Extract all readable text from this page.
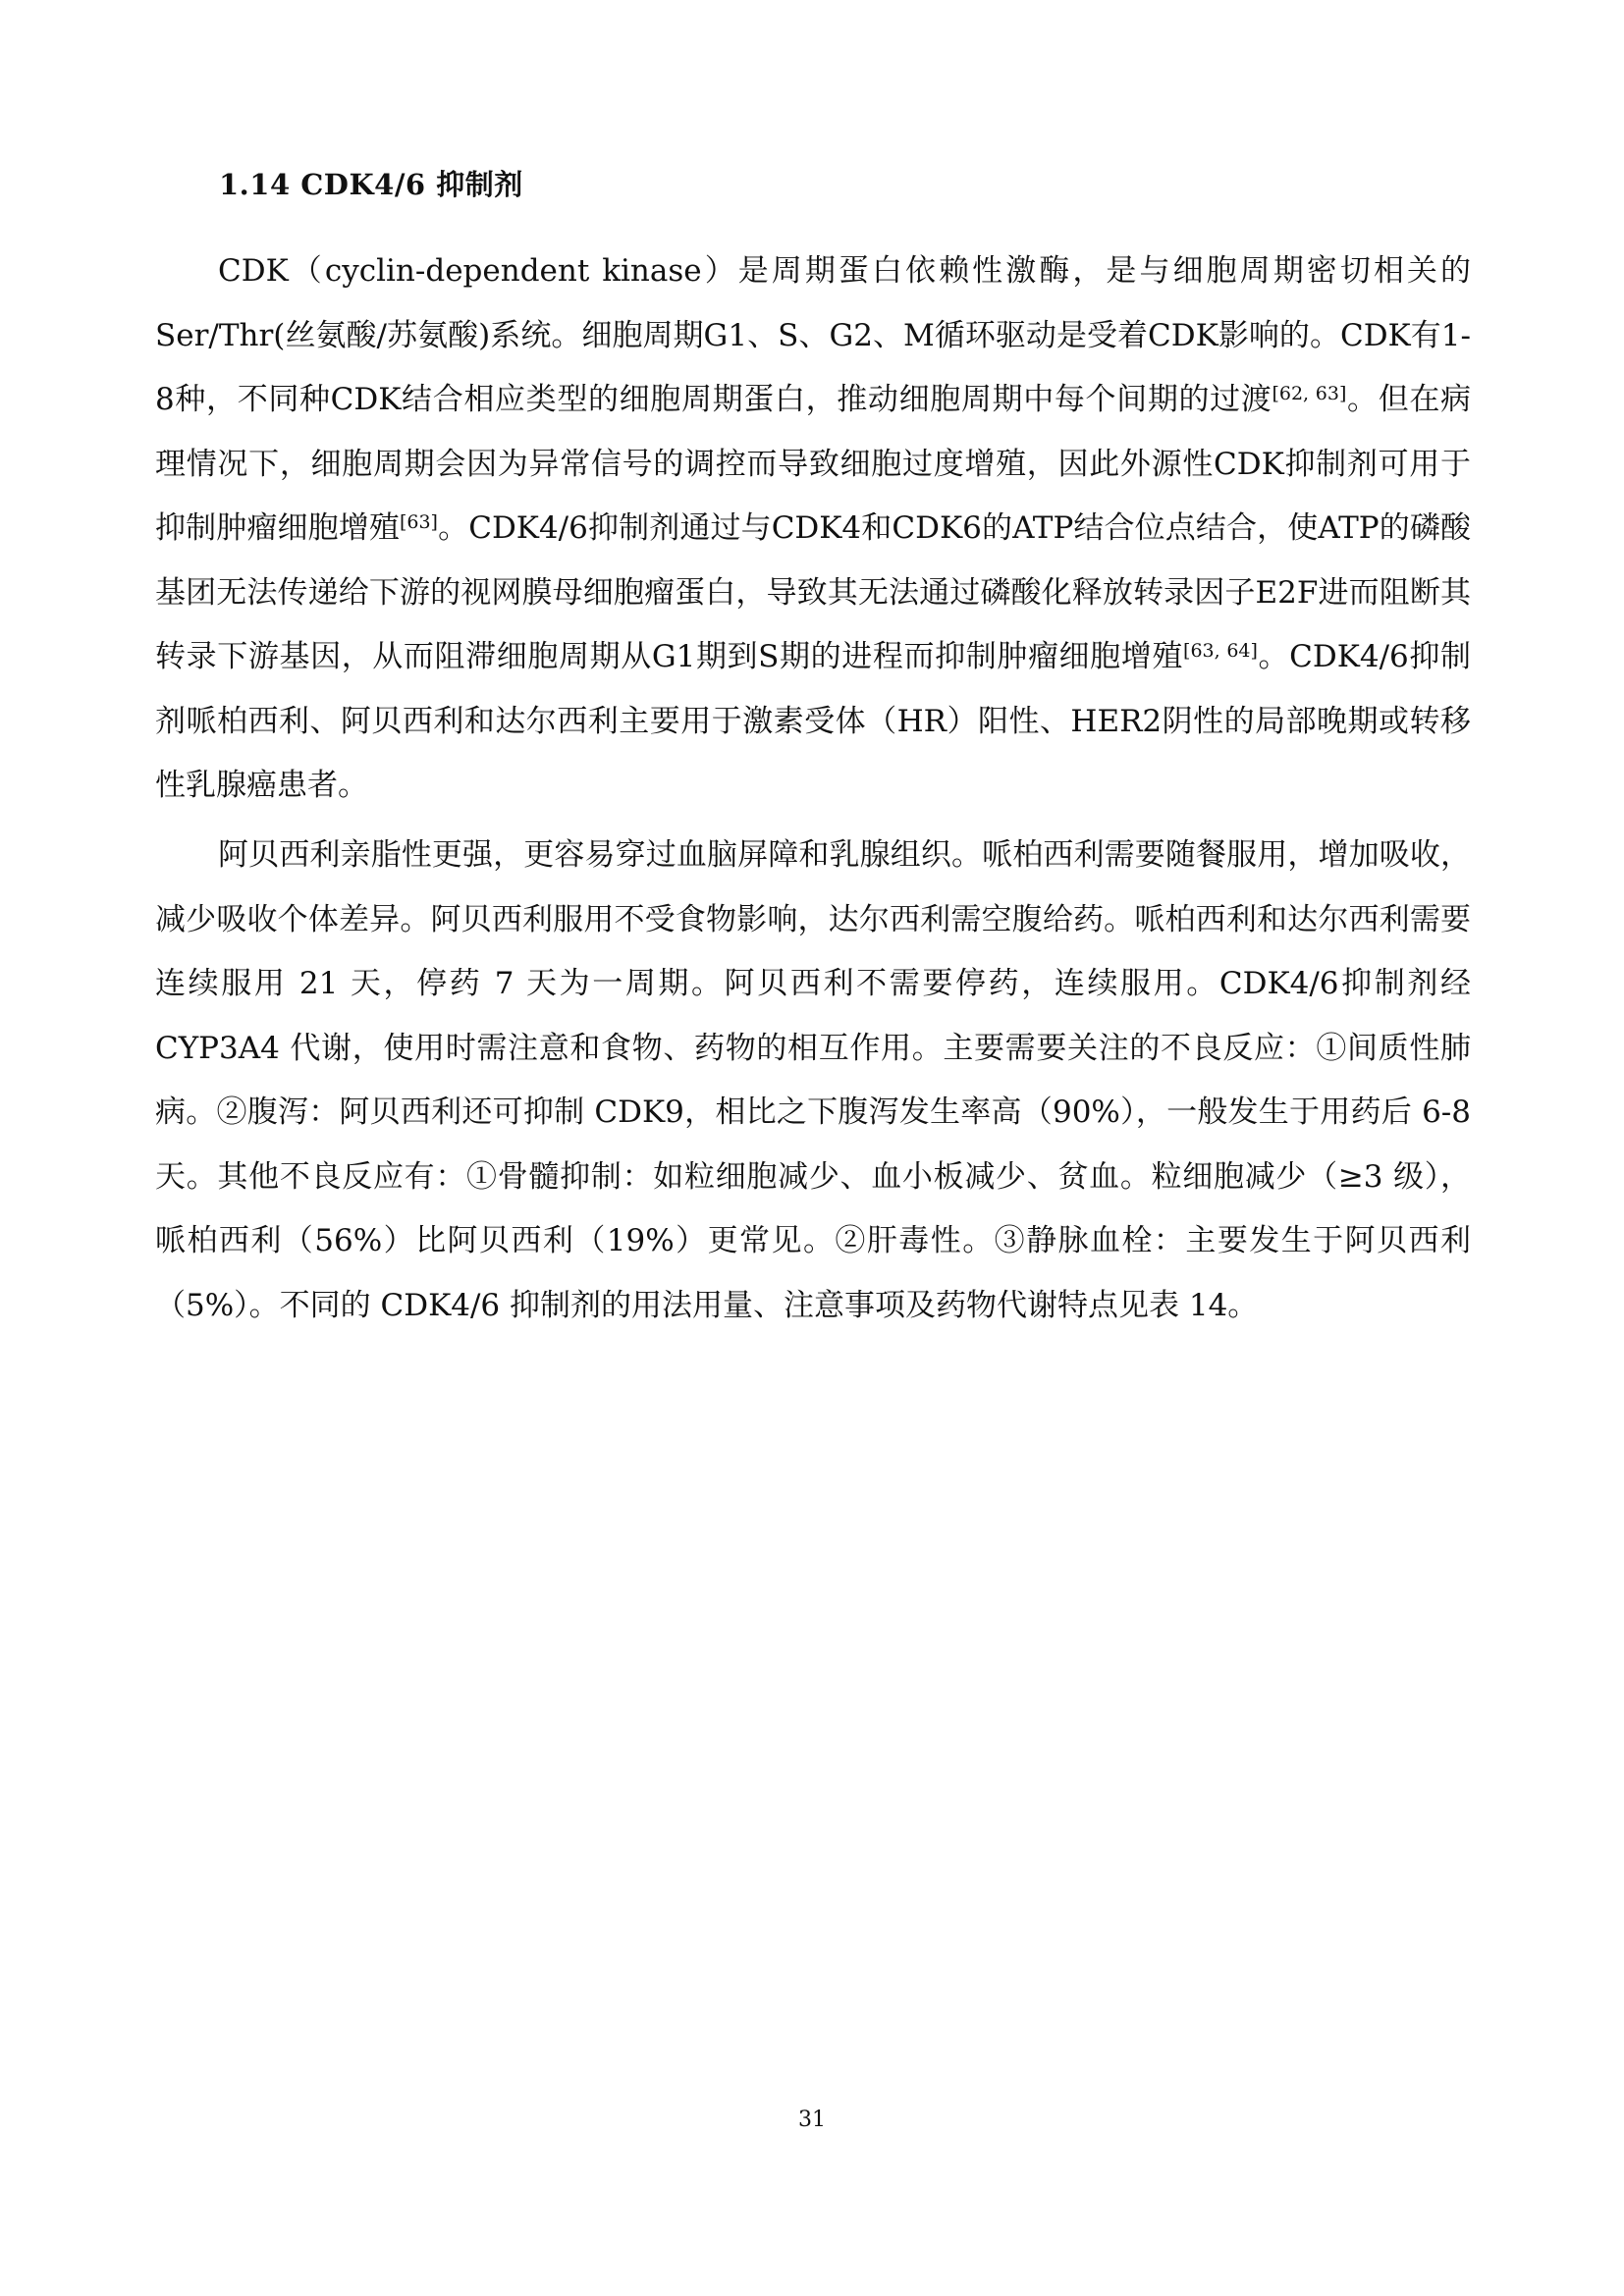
1.14 CDK4/6 抑制剂

CDK（cyclin-dependent kinase）是周期蛋白依赖性激酶，是与细胞周期密切相关的Ser/Thr(丝氨酸/苏氨酸)系统。细胞周期G1、S、G2、M循环驱动是受着CDK影响的。CDK有1-8种，不同种CDK结合相应类型的细胞周期蛋白，推动细胞周期中每个间期的过渡[62, 63]。但在病理情况下，细胞周期会因为异常信号的调控而导致细胞过度增殖，因此外源性CDK抑制剂可用于抑制肿瘤细胞增殖[63]。CDK4/6抑制剂通过与CDK4和CDK6的ATP结合位点结合，使ATP的磷酸基团无法传递给下游的视网膜母细胞瘤蛋白，导致其无法通过磷酸化释放转录因子E2F进而阻断其转录下游基因，从而阻滞细胞周期从G1期到S期的进程而抑制肿瘤细胞增殖[63, 64]。CDK4/6抑制剂哌柏西利、阿贝西利和达尔西利主要用于激素受体（HR）阳性、HER2阴性的局部晚期或转移性乳腺癌患者。

阿贝西利亲脂性更强，更容易穿过血脑屏障和乳腺组织。哌柏西利需要随餐服用，增加吸收，减少吸收个体差异。阿贝西利服用不受食物影响，达尔西利需空腹给药。哌柏西利和达尔西利需要连续服用 21 天，停药 7 天为一周期。阿贝西利不需要停药，连续服用。CDK4/6抑制剂经 CYP3A4 代谢，使用时需注意和食物、药物的相互作用。主要需要关注的不良反应：①间质性肺病。②腹泻：阿贝西利还可抑制 CDK9，相比之下腹泻发生率高（90%），一般发生于用药后 6-8 天。其他不良反应有：①骨髓抑制：如粒细胞减少、血小板减少、贫血。粒细胞减少（≥3 级），哌柏西利（56%）比阿贝西利（19%）更常见。②肝毒性。③静脉血栓：主要发生于阿贝西利（5%）。不同的 CDK4/6 抑制剂的用法用量、注意事项及药物代谢特点见表 14。

31
